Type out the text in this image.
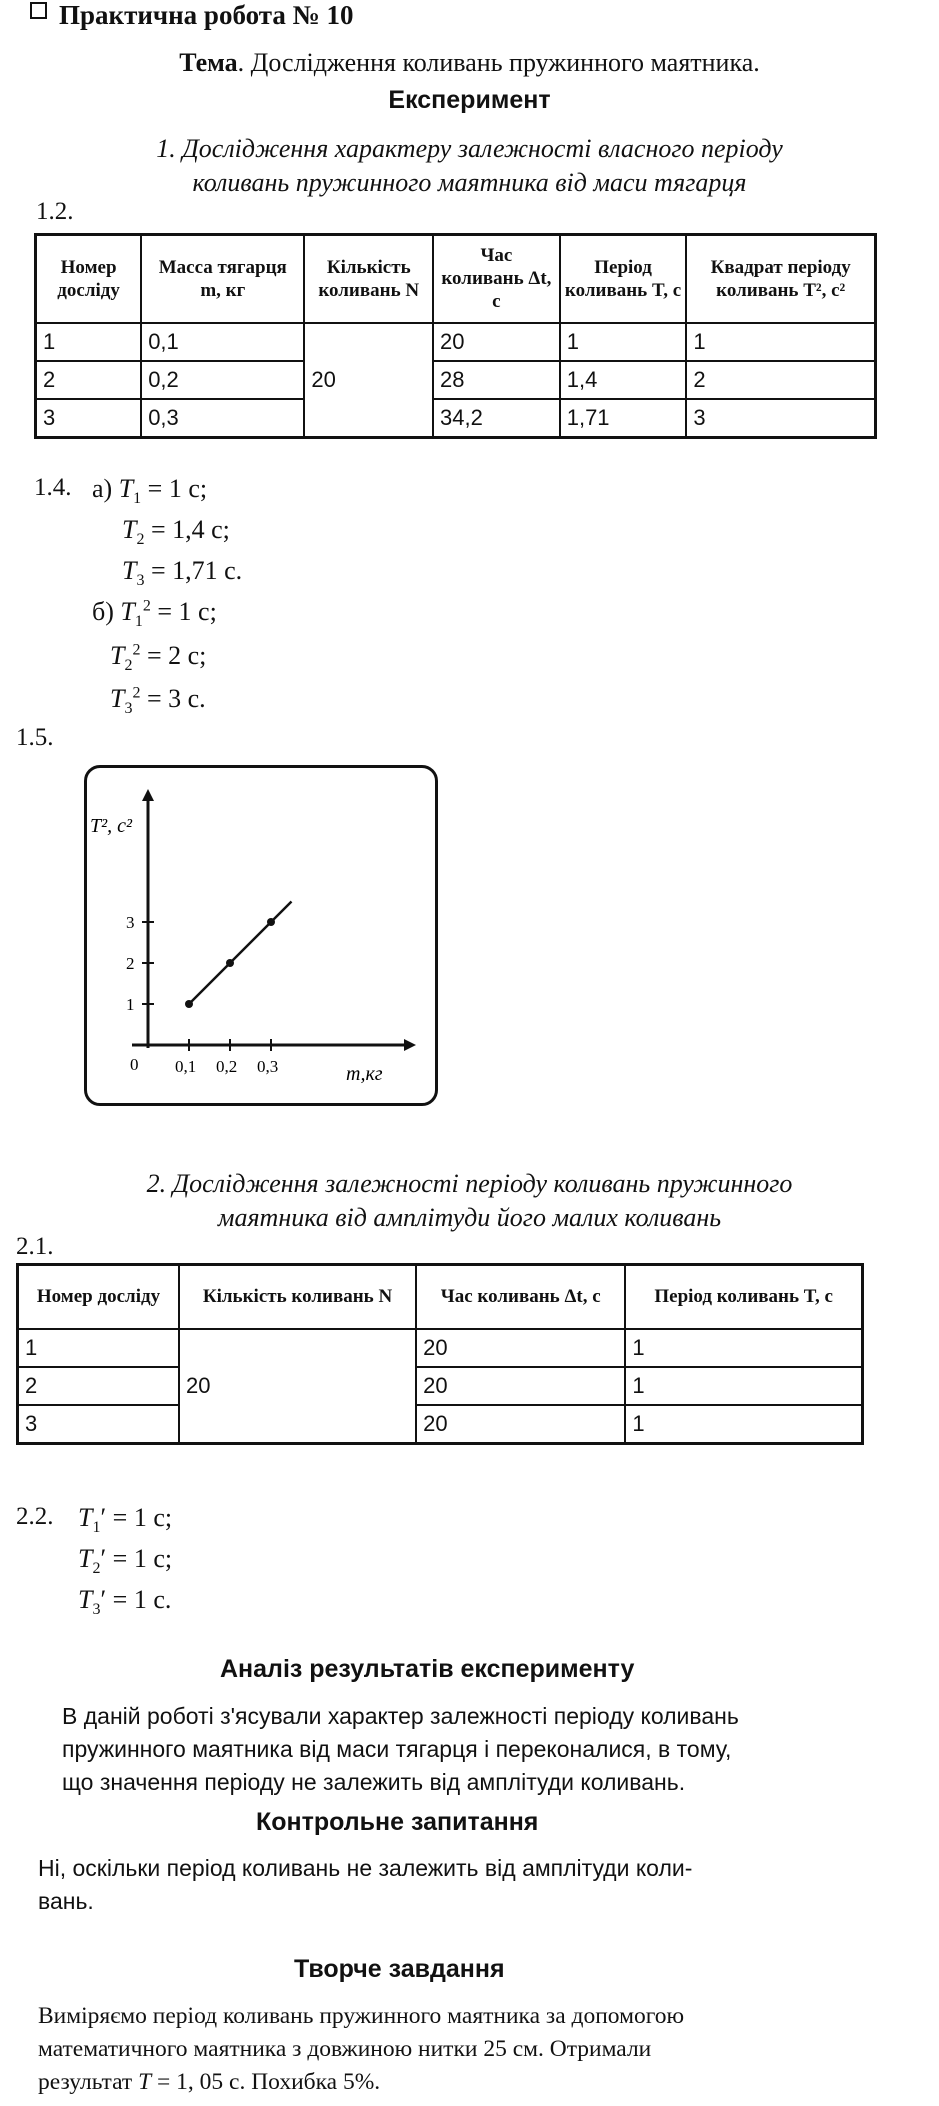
Практична робота № 10
Тема. Дослідження коливань пружинного маятника.
Експеримент
1. Дослідження характеру залежності власного періоду
коливань пружинного маятника від маси тягарця
1.2.
Номер досліду	Масса тягарця m, кг	Кількість коливань N	Час коливань Δt, с	Період коливань T, с	Квадрат періоду коливань T², с²
1	0,1	20	20	1	1
2	0,2		28	1,4	2
3	0,3		34,2	1,71	3
1.4. а) $T_1 = 1$ с;
$T_2 = 1,4$ с;
$T_3 = 1,71$ с.
б) $T_1^2 = 1$ с;
$T_2^2 = 2$ с;
$T_3^2 = 3$ с.
1.5.
T², с²
m,кг
0 0,1 0,2 0,3
1
2
3
2. Дослідження залежності періоду коливань пружинного
маятника від амплітуди його малих коливань
2.1.
Номер досліду	Кількість коливань N	Час коливань Δt, с	Період коливань T, с
1	20	20	1
2		20	1
3		20	1
2.2. $T_1' = 1$ с;
$T_2' = 1$ с;
$T_3' = 1$ с.
Аналіз результатів експерименту
В даній роботі з'ясували характер залежності періоду коливань
пружинного маятника від маси тягарця і переконалися, в тому,
що значення періоду не залежить від амплітуди коливань.
Контрольне запитання
Ні, оскільки період коливань не залежить від амплітуди коли-
вань.
Творче завдання
Виміряємо період коливань пружинного маятника за допомогою
математичного маятника з довжиною нитки 25 см. Отримали
результат T = 1, 05 с. Похибка 5%.
